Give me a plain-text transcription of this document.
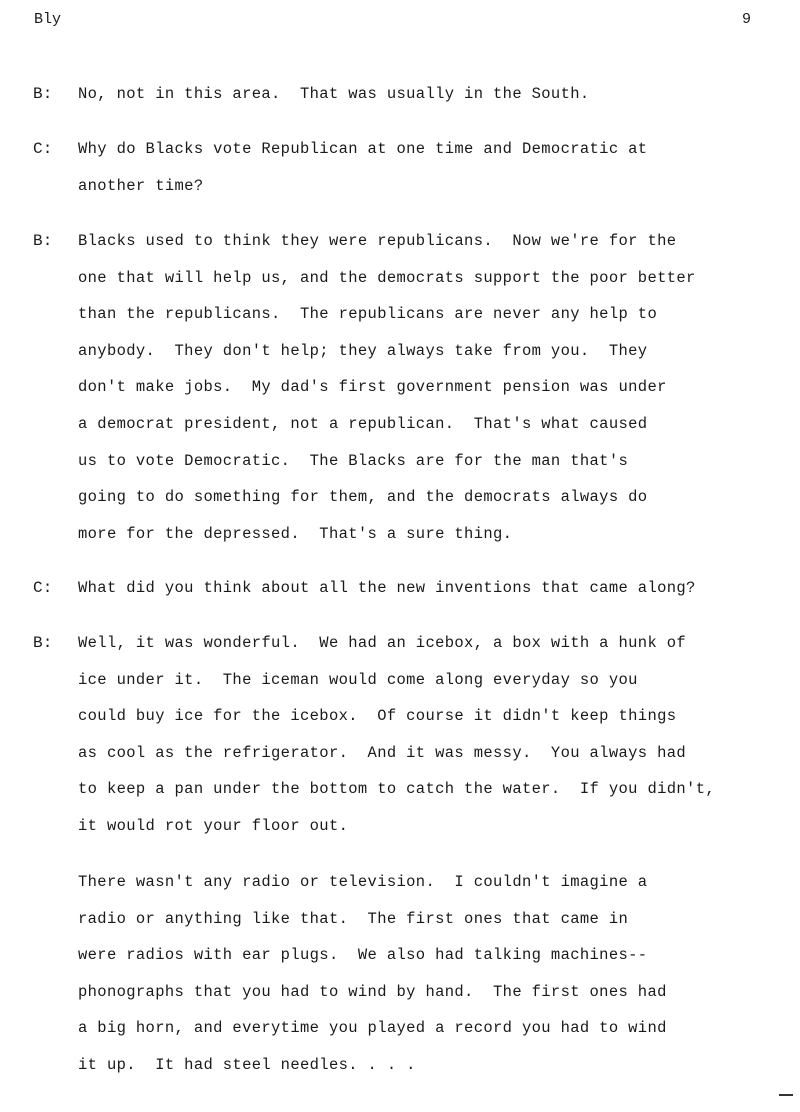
Bly	9
B: No, not in this area.  That was usually in the South.
C: Why do Blacks vote Republican at one time and Democratic at
another time?
B: Blacks used to think they were republicans.  Now we're for the
one that will help us, and the democrats support the poor better
than the republicans.  The republicans are never any help to
anybody.  They don't help; they always take from you.  They
don't make jobs.  My dad's first government pension was under
a democrat president, not a republican.  That's what caused
us to vote Democratic.  The Blacks are for the man that's
going to do something for them, and the democrats always do
more for the depressed.  That's a sure thing.
C: What did you think about all the new inventions that came along?
B: Well, it was wonderful.  We had an icebox, a box with a hunk of
ice under it.  The iceman would come along everyday so you
could buy ice for the icebox.  Of course it didn't keep things
as cool as the refrigerator.  And it was messy.  You always had
to keep a pan under the bottom to catch the water.  If you didn't,
it would rot your floor out.
There wasn't any radio or television.  I couldn't imagine a
radio or anything like that.  The first ones that came in
were radios with ear plugs.  We also had talking machines--
phonographs that you had to wind by hand.  The first ones had
a big horn, and everytime you played a record you had to wind
it up.  It had steel needles. . . .
